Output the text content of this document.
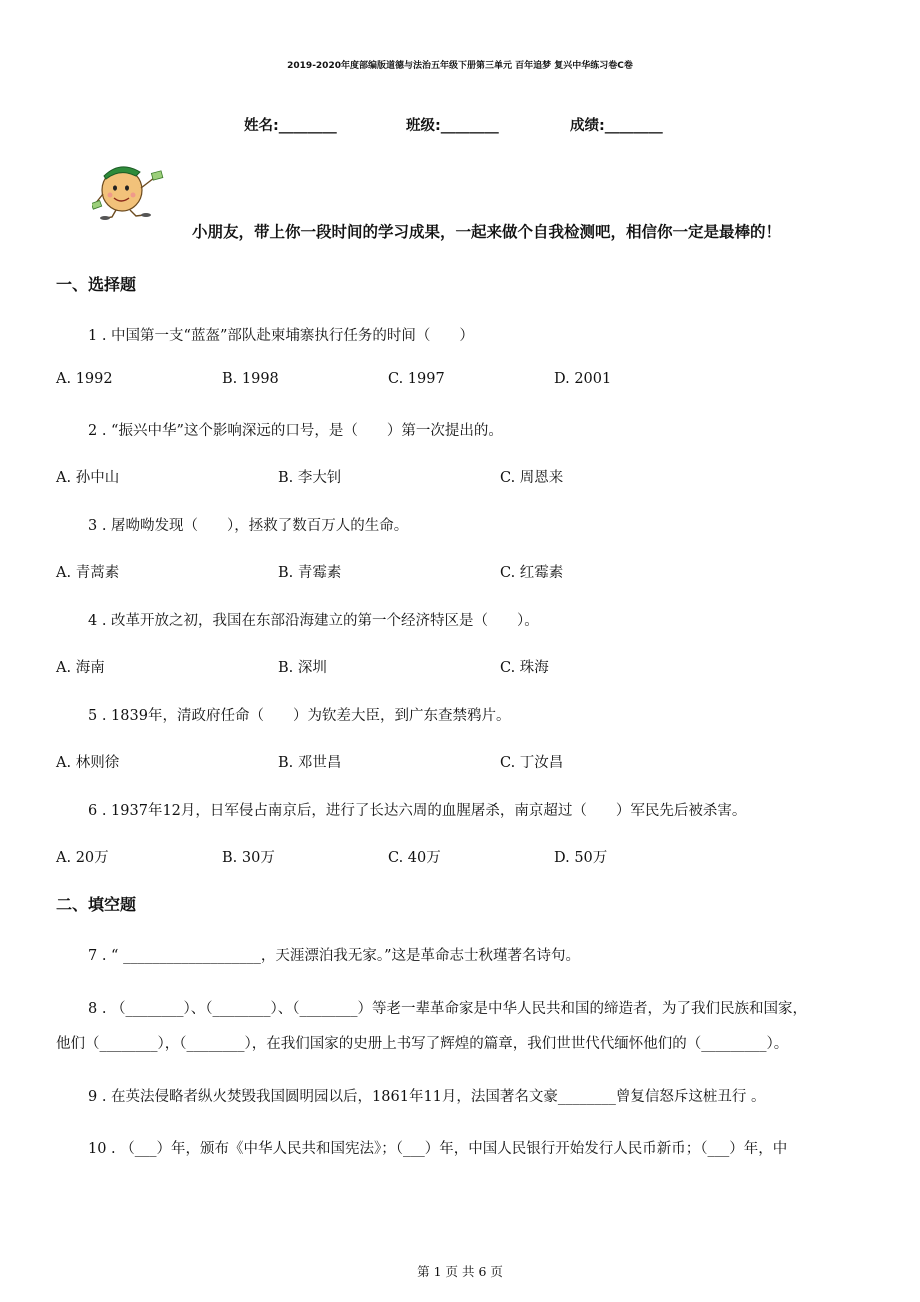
2019-2020年度部编版道德与法治五年级下册第三单元 百年追梦 复兴中华练习卷C卷
姓名:________	班级:________	成绩:________
小朋友，带上你一段时间的学习成果，一起来做个自我检测吧，相信你一定是最棒的！
一、选择题
1 . 中国第一支“蓝盔”部队赴柬埔寨执行任务的时间（　　）
A. 1992	B. 1998	C. 1997	D. 2001
2 . “振兴中华”这个影响深远的口号，是（　　）第一次提出的。
A. 孙中山	B. 李大钊	C. 周恩来
3 . 屠呦呦发现（　　），拯救了数百万人的生命。
A. 青蒿素	B. 青霉素	C. 红霉素
4 . 改革开放之初，我国在东部沿海建立的第一个经济特区是（　　）。
A. 海南	B. 深圳	C. 珠海
5 . 1839年，清政府任命（　　）为钦差大臣，到广东查禁鸦片。
A. 林则徐	B. 邓世昌	C. 丁汝昌
6 . 1937年12月，日军侵占南京后，进行了长达六周的血腥屠杀，南京超过（　　）军民先后被杀害。
A. 20万	B. 30万	C. 40万	D. 50万
二、填空题
7 . “ ___________________，天涯漂泊我无家。”这是革命志士秋瑾著名诗句。
8 . （________）、（________）、（________）等老一辈革命家是中华人民共和国的缔造者，为了我们民族和国家，
他们（________），（________），在我们国家的史册上书写了辉煌的篇章，我们世世代代缅怀他们的（_________）。
9 . 在英法侵略者纵火焚毁我国圆明园以后，1861年11月，法国著名文豪________曾复信怒斥这桩丑行 。
10 . （___）年，颁布《中华人民共和国宪法》；（___）年，中国人民银行开始发行人民币新币；（___）年，中
第 1 页 共 6 页
